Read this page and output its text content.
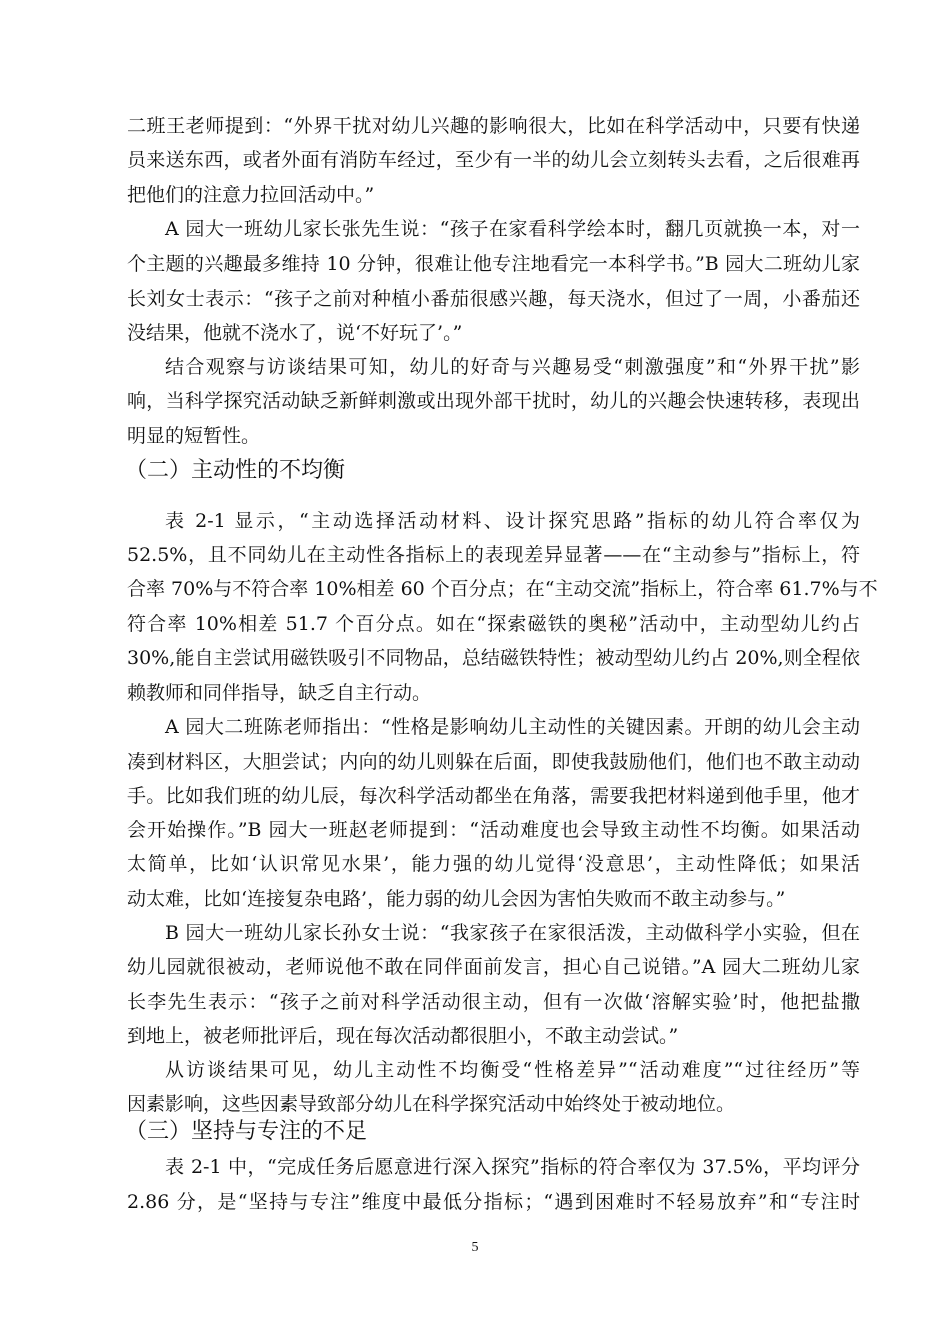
二班王老师提到：“外界干扰对幼儿兴趣的影响很大，比如在科学活动中，只要有快递
员来送东西，或者外面有消防车经过，至少有一半的幼儿会立刻转头去看，之后很难再
把他们的注意力拉回活动中。”
A 园大一班幼儿家长张先生说：“孩子在家看科学绘本时，翻几页就换一本，对一
个主题的兴趣最多维持 10 分钟，很难让他专注地看完一本科学书。”B 园大二班幼儿家
长刘女士表示：“孩子之前对种植小番茄很感兴趣，每天浇水，但过了一周，小番茄还
没结果，他就不浇水了，说‘不好玩了’。”
结合观察与访谈结果可知，幼儿的好奇与兴趣易受“刺激强度”和“外界干扰”影
响，当科学探究活动缺乏新鲜刺激或出现外部干扰时，幼儿的兴趣会快速转移，表现出
明显的短暂性。
表 2-1 显示，“主动选择活动材料、设计探究思路”指标的幼儿符合率仅为
52.5%，且不同幼儿在主动性各指标上的表现差异显著——在“主动参与”指标上，符
合率 70%与不符合率 10%相差 60 个百分点；在“主动交流”指标上，符合率 61.7%与不
符合率 10%相差 51.7 个百分点。如在“探索磁铁的奥秘”活动中，主动型幼儿约占
30%,能自主尝试用磁铁吸引不同物品，总结磁铁特性；被动型幼儿约占 20%,则全程依
赖教师和同伴指导，缺乏自主行动。
A 园大二班陈老师指出：“性格是影响幼儿主动性的关键因素。开朗的幼儿会主动
凑到材料区，大胆尝试；内向的幼儿则躲在后面，即使我鼓励他们，他们也不敢主动动
手。比如我们班的幼儿辰，每次科学活动都坐在角落，需要我把材料递到他手里，他才
会开始操作。”B 园大一班赵老师提到：“活动难度也会导致主动性不均衡。如果活动
太简单，比如‘认识常见水果’，能力强的幼儿觉得‘没意思’，主动性降低；如果活
动太难，比如‘连接复杂电路’，能力弱的幼儿会因为害怕失败而不敢主动参与。”
B 园大一班幼儿家长孙女士说：“我家孩子在家很活泼，主动做科学小实验，但在
幼儿园就很被动，老师说他不敢在同伴面前发言，担心自己说错。”A 园大二班幼儿家
长李先生表示：“孩子之前对科学活动很主动，但有一次做‘溶解实验’时，他把盐撒
到地上，被老师批评后，现在每次活动都很胆小，不敢主动尝试。”
从访谈结果可见，幼儿主动性不均衡受“性格差异”“活动难度”“过往经历”等
因素影响，这些因素导致部分幼儿在科学探究活动中始终处于被动地位。
表 2-1 中，“完成任务后愿意进行深入探究”指标的符合率仅为 37.5%，平均评分
2.86 分，是“坚持与专注”维度中最低分指标；“遇到困难时不轻易放弃”和“专注时
（二）主动性的不均衡
（三）坚持与专注的不足
5
